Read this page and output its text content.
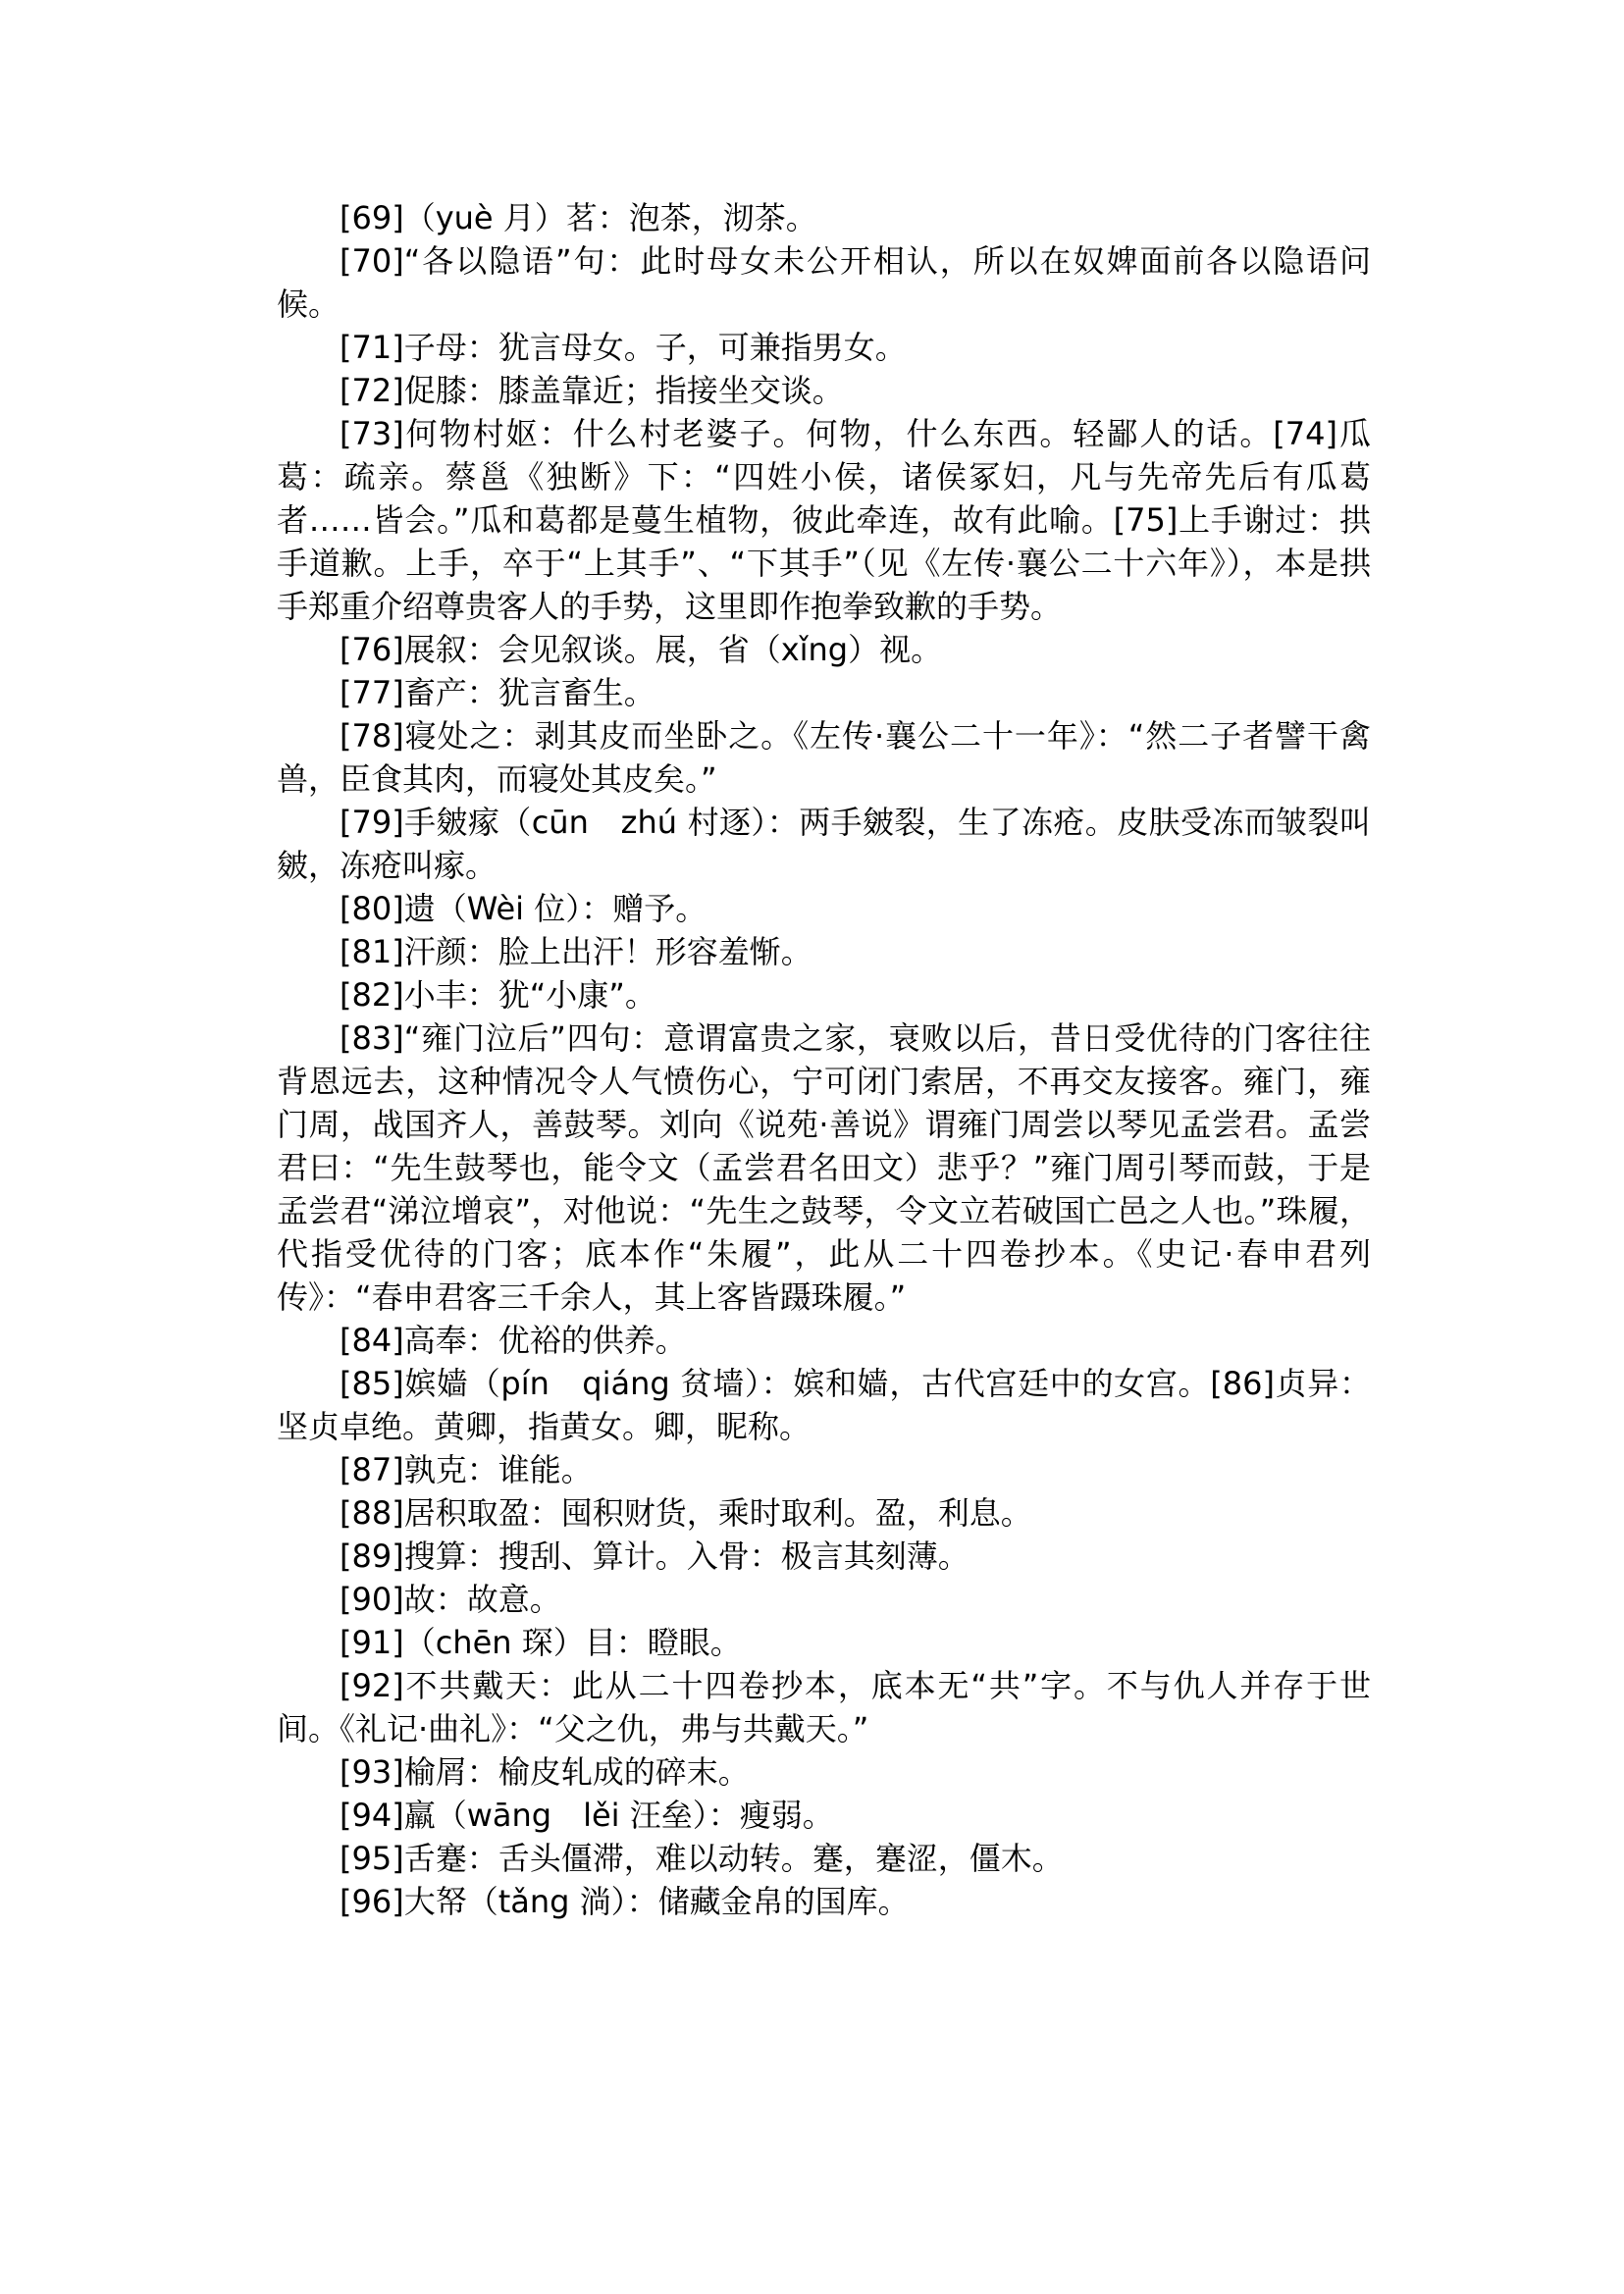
[69]（yuè 月）茗：泡茶，沏茶。

[70]“各以隐语”句：此时母女未公开相认，所以在奴婢面前各以隐语问候。

[71]子母：犹言母女。子，可兼指男女。

[72]促膝：膝盖靠近；指接坐交谈。

[73]何物村妪：什么村老婆子。何物，什么东西。轻鄙人的话。[74]瓜葛：疏亲。蔡邕《独断》下：“四姓小侯，诸侯冢妇，凡与先帝先后有瓜葛者……皆会。”瓜和葛都是蔓生植物，彼此牵连，故有此喻。[75]上手谢过：拱手道歉。上手，卒于“上其手”、“下其手”（见《左传·襄公二十六年》），本是拱手郑重介绍尊贵客人的手势，这里即作抱拳致歉的手势。

[76]展叙：会见叙谈。展，省（xǐng）视。

[77]畜产：犹言畜生。

[78]寝处之：剥其皮而坐卧之。《左传·襄公二十一年》：“然二子者譬干禽兽，臣食其肉，而寝处其皮矣。”

[79]手皴瘃（cūn　zhú 村逐）：两手皴裂，生了冻疮。皮肤受冻而皱裂叫皴，冻疮叫瘃。

[80]遗（Wèi 位）：赠予。

[81]汗颜：脸上出汗！形容羞惭。

[82]小丰：犹“小康”。

[83]“雍门泣后”四句：意谓富贵之家，衰败以后，昔日受优待的门客往往背恩远去，这种情况令人气愤伤心，宁可闭门索居，不再交友接客。雍门，雍门周，战国齐人，善鼓琴。刘向《说苑·善说》谓雍门周尝以琴见孟尝君。孟尝君曰：“先生鼓琴也，能令文（孟尝君名田文）悲乎？”雍门周引琴而鼓，于是孟尝君“涕泣增哀”，对他说：“先生之鼓琴，令文立若破国亡邑之人也。”珠履，代指受优待的门客；底本作“朱履”，此从二十四卷抄本。《史记·春申君列传》：“春申君客三千余人，其上客皆蹑珠履。”

[84]高奉：优裕的供养。

[85]嫔嫱（pín　qiáng 贫墙）：嫔和嫱，古代宫廷中的女宫。[86]贞异：坚贞卓绝。黄卿，指黄女。卿，昵称。

[87]孰克：谁能。

[88]居积取盈：囤积财货，乘时取利。盈，利息。

[89]搜算：搜刮、算计。入骨：极言其刻薄。

[90]故：故意。

[91]（chēn 琛）目：瞪眼。

[92]不共戴天：此从二十四卷抄本，底本无“共”字。不与仇人并存于世间。《礼记·曲礼》：“父之仇，弗与共戴天。”

[93]榆屑：榆皮轧成的碎末。

[94]羸（wāng　lěi 汪垒）：瘦弱。

[95]舌蹇：舌头僵滞，难以动转。蹇，蹇涩，僵木。

[96]大帑（tǎng 淌）：储藏金帛的国库。
